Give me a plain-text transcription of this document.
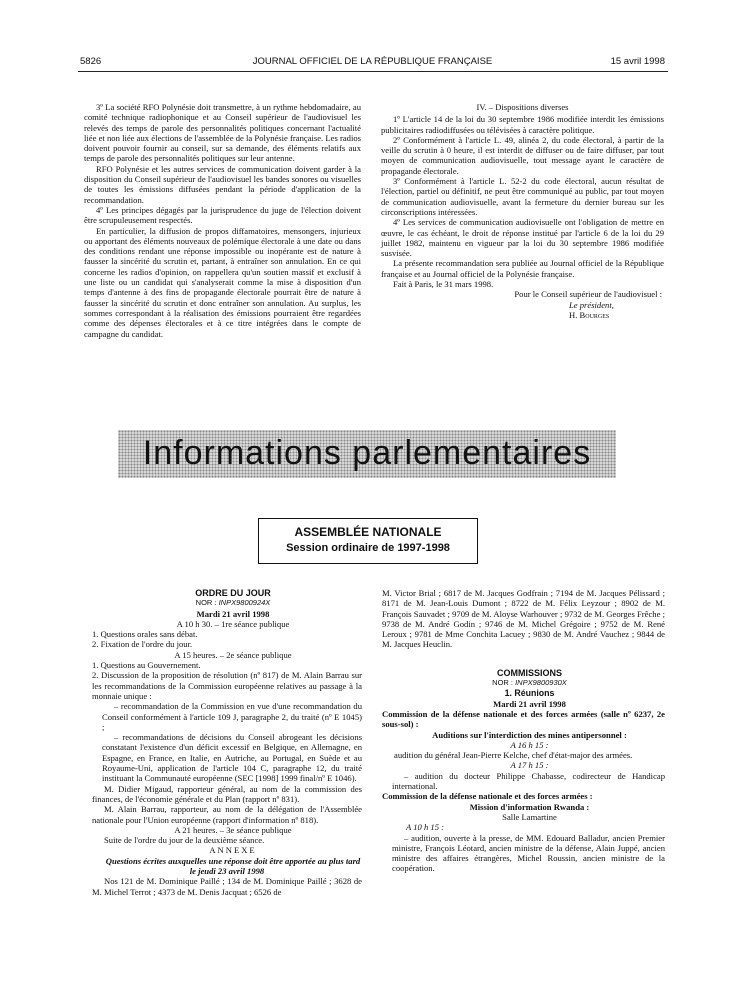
5826	JOURNAL OFFICIEL DE LA RÉPUBLIQUE FRANÇAISE	15 avril 1998

3º La société RFO Polynésie doit transmettre, à un rythme hebdomadaire, au comité technique radiophonique et au Conseil supérieur de l'audiovisuel les relevés des temps de parole des personnalités politiques concernant l'actualité liée et non liée aux élections de l'assemblée de la Polynésie française. Les radios doivent pouvoir fournir au conseil, sur sa demande, des éléments relatifs aux temps de parole des personnalités politiques sur leur antenne.

RFO Polynésie et les autres services de communication doivent garder à la disposition du Conseil supérieur de l'audiovisuel les bandes sonores ou visuelles de toutes les émissions diffusées pendant la période d'application de la recommandation.

4º Les principes dégagés par la jurisprudence du juge de l'élection doivent être scrupuleusement respectés.

En particulier, la diffusion de propos diffamatoires, mensongers, injurieux ou apportant des éléments nouveaux de polémique électorale à une date ou dans des conditions rendant une réponse impossible ou inopérante est de nature à fausser la sincérité du scrutin et, partant, à entraîner son annulation. En ce qui concerne les radios d'opinion, on rappellera qu'un soutien massif et exclusif à une liste ou un candidat qui s'analyserait comme la mise à disposition d'un temps d'antenne à des fins de propagande électorale pourrait être de nature à fausser la sincérité du scrutin et donc entraîner son annulation. Au surplus, les sommes correspondant à la réalisation des émissions pourraient être regardées comme des dépenses électorales et à ce titre intégrées dans le compte de campagne du candidat.

IV. – Dispositions diverses

1º L'article 14 de la loi du 30 septembre 1986 modifiée interdit les émissions publicitaires radiodiffusées ou télévisées à caractère politique.

2º Conformément à l'article L. 49, alinéa 2, du code électoral, à partir de la veille du scrutin à 0 heure, il est interdit de diffuser ou de faire diffuser, par tout moyen de communication audiovisuelle, tout message ayant le caractère de propagande électorale.

3º Conformément à l'article L. 52-2 du code électoral, aucun résultat de l'élection, partiel ou définitif, ne peut être communiqué au public, par tout moyen de communication audiovisuelle, avant la fermeture du dernier bureau sur les circonscriptions intéressées.

4º Les services de communication audiovisuelle ont l'obligation de mettre en œuvre, le cas échéant, le droit de réponse institué par l'article 6 de la loi du 29 juillet 1982, maintenu en vigueur par la loi du 30 septembre 1986 modifiée susvisée.

La présente recommandation sera publiée au Journal officiel de la République française et au Journal officiel de la Polynésie française.

Fait à Paris, le 31 mars 1998.

Pour le Conseil supérieur de l'audiovisuel :

Le président,

H. Bourges

Informations parlementaires
ASSEMBLÉE NATIONALE
Session ordinaire de 1997-1998

ORDRE DU JOUR

NOR : INPX9800924X

Mardi 21 avril 1998

A 10 h 30. – 1re séance publique

1. Questions orales sans débat.

2. Fixation de l'ordre du jour.

A 15 heures. – 2e séance publique

1. Questions au Gouvernement.

2. Discussion de la proposition de résolution (nº 817) de M. Alain Barrau sur les recommandations de la Commission européenne relatives au passage à la monnaie unique :

– recommandation de la Commission en vue d'une recommandation du Conseil conformément à l'article 109 J, paragraphe 2, du traité (nº E 1045) ;

– recommandations de décisions du Conseil abrogeant les décisions constatant l'existence d'un déficit excessif en Belgique, en Allemagne, en Espagne, en France, en Italie, en Autriche, au Portugal, en Suède et au Royaume-Uni, application de l'article 104 C, paragraphe 12, du traité instituant la Communauté européenne (SEC [1998] 1999 final/nº E 1046).

M. Didier Migaud, rapporteur général, au nom de la commission des finances, de l'économie générale et du Plan (rapport nº 831).

M. Alain Barrau, rapporteur, au nom de la délégation de l'Assemblée nationale pour l'Union européenne (rapport d'information nº 818).

A 21 heures. – 3e séance publique

Suite de l'ordre du jour de la deuxième séance.

ANNEXE

Questions écrites auxquelles une réponse doit être apportée au plus tard le jeudi 23 avril 1998

Nos 121 de M. Dominique Paillé ; 134 de M. Dominique Paillé ; 3628 de M. Michel Terrot ; 4373 de M. Denis Jacquat ; 6526 de

M. Victor Brial ; 6817 de M. Jacques Godfrain ; 7194 de M. Jacques Pélissard ; 8171 de M. Jean-Louis Dumont ; 8722 de M. Félix Leyzour ; 8902 de M. François Sauvadet ; 9709 de M. Aloyse Warhouver ; 9732 de M. Georges Frêche ; 9738 de M. André Godin ; 9746 de M. Michel Grégoire ; 9752 de M. René Leroux ; 9781 de Mme Conchita Lacuey ; 9830 de M. André Vauchez ; 9844 de M. Jacques Heuclin.

COMMISSIONS

NOR : INPX9800930X

1. Réunions

Mardi 21 avril 1998

Commission de la défense nationale et des forces armées (salle nº 6237, 2e sous-sol) :

Auditions sur l'interdiction des mines antipersonnel :

A 16 h 15 :

audition du général Jean-Pierre Kelche, chef d'état-major des armées.

A 17 h 15 :

– audition du docteur Philippe Chabasse, codirecteur de Handicap international.

Commission de la défense nationale et des forces armées :

Mission d'information Rwanda :

Salle Lamartine

A 10 h 15 :

– audition, ouverte à la presse, de MM. Edouard Balladur, ancien Premier ministre, François Léotard, ancien ministre de la défense, Alain Juppé, ancien ministre des affaires étrangères, Michel Roussin, ancien ministre de la coopération.
